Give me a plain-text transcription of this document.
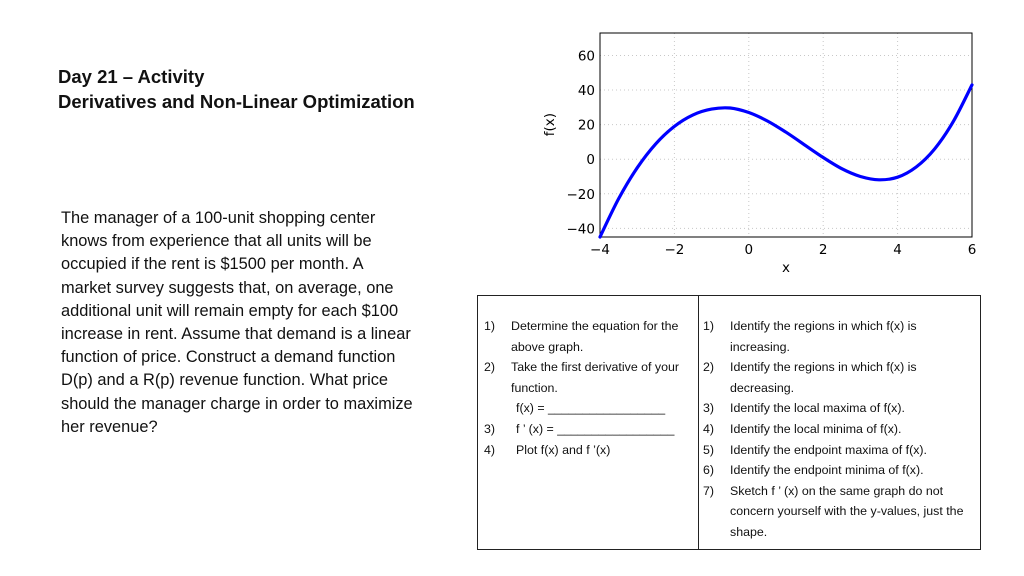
Day 21 – Activity
Derivatives and Non-Linear Optimization

The manager of a 100-unit shopping center knows from experience that all units will be occupied if the rent is $1500 per month. A market survey suggests that, on average, one additional unit will remain empty for each $100 increase in rent. Assume that demand is a linear function of price. Construct a demand function D(p) and a R(p) revenue function. What price should the manager charge in order to maximize her revenue?

−4	−2	0	2	4	6
−40
−20
0
20
40
60
x
f(x)
1)	Determine the equation for the above graph.
2)	Take the first derivative of your function.
f(x) = _________________
3)	f ’ (x) = _________________
4)	Plot f(x) and f ’(x)
1)	Identify the regions in which f(x) is increasing.
2)	Identify the regions in which f(x) is decreasing.
3)	Identify the local maxima of f(x).
4)	Identify the local minima of f(x).
5)	Identify the endpoint maxima of f(x).
6)	Identify the endpoint minima of f(x).
7)	Sketch f ’ (x) on the same graph do not concern yourself with the y-values, just the shape.
